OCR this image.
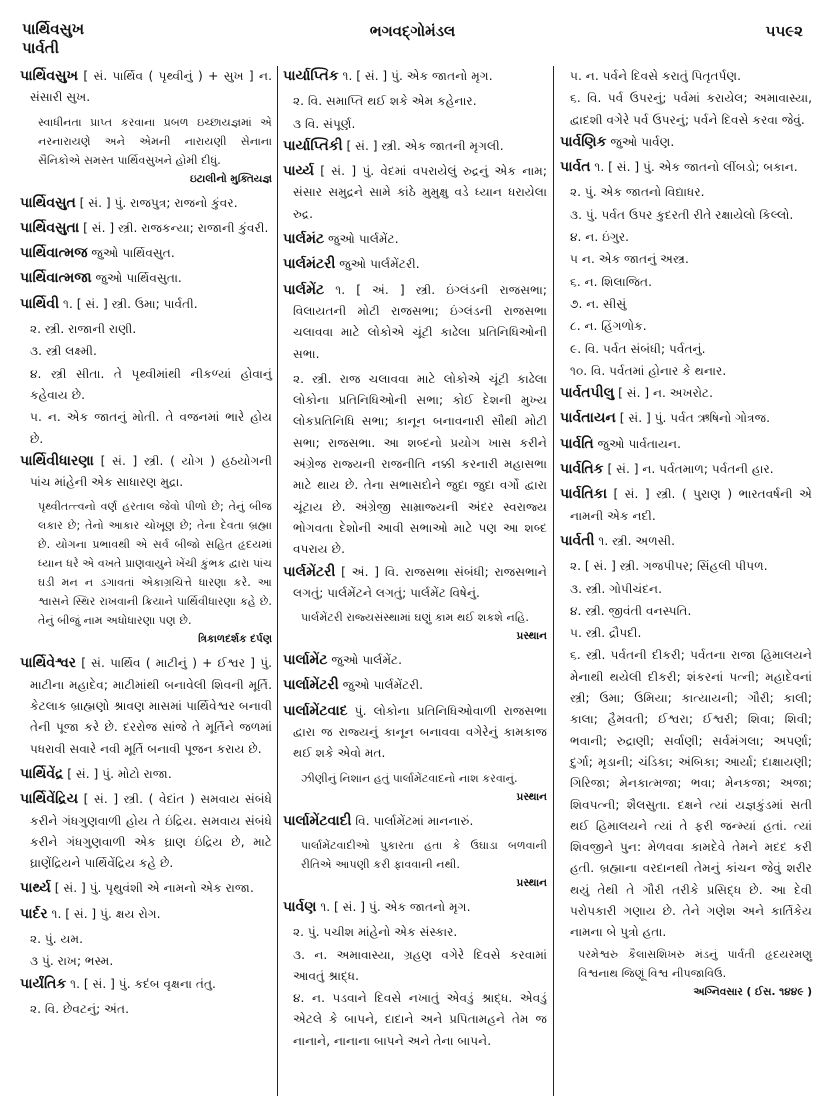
પાર્થિવસુખ
પાર્વતી
ભગવદ્ગોમંડલ	૫૫૯૨
પાર્થિવસુખ [ સં. પાર્થિવ ( પૃથ્વીનું ) + સુખ ] ન. સંસારી સુખ.
સ્વાધીનતા પ્રાપ્ત કરવાના પ્રબળ ઇચ્છાયજ્ઞમાં એ નરનારાયણે અને એમની નારાયણી સેનાના સૈનિકોએ સમસ્ત પાર્થિવસુખને હોમી દીધું.
ઇટાલીનો મુક્તિયજ્ઞ
પાર્થિવસુત [ સં. ] પું. રાજપુત્ર; રાજનો કુંવર.
પાર્થિવસુતા [ સં. ] સ્ત્રી. રાજકન્યા; રાજાની કુંવરી.
પાર્થિવાત્મજ જુઓ પાર્થિવસુત.
પાર્થિવાત્મજા જુઓ પાર્થિવસુતા.
પાર્થિવી ૧. [ સં. ] સ્ત્રી. ઉમા; પાર્વતી.
૨. સ્ત્રી. રાજાની રાણી.
૩. સ્ત્રી લક્ષ્મી.
૪. સ્ત્રી સીતા. તે પૃથ્વીમાંથી નીકળ્યાં હોવાનું કહેવાય છે.
૫. ન. એક જાતનું મોતી. તે વજનમાં ભારે હોય છે.
પાર્થિવીધારણા [ સં. ] સ્ત્રી. ( યોગ ) હઠયોગની પાંચ માંહેની એક સાધારણ મુદ્રા.
પૃથ્વીતત્ત્વનો વર્ણ હરતાલ જેવો પીળો છે; તેનું બીજ લકાર છે; તેનો આકાર ચોખૂણ છે; તેના દેવતા બ્રહ્મા છે. યોગના પ્રભાવથી એ સર્વ બીજો સહિત હૃદયમાં ધ્યાન ધરે એ વખતે પ્રાણવાયુને ખેંચી કુંભક દ્વારા પાંચ ઘડી મન ન ડગાવતાં એકાગ્રચિત્તે ધારણા કરે. આ શ્વાસને સ્થિર રાખવાની ક્રિયાને પાર્થિવીધારણા કહે છે. તેનું બીજું નામ અધોધારણા પણ છે.
ત્રિકાળદર્શક દર્પણ
પાર્થિવેશ્વર [ સં. પાર્થિવ ( માટીનું ) + ઈશ્વર ] પું. માટીના મહાદેવ; માટીમાંથી બનાવેલી શિવની મૂર્તિ. કેટલાક બ્રાહ્મણો શ્રાવણ માસમાં પાર્થિવેશ્વર બનાવી તેની પૂજા કરે છે. દરરોજ સાંજે તે મૂર્તિને જળમાં પધરાવી સવારે નવી મૂર્તિ બનાવી પૂજન કરાય છે.
પાર્થિવેંદ્ર [ સં. ] પું. મોટો રાજા.
પાર્થિવેંદ્રિય [ સં. ] સ્ત્રી. ( વેદાંત ) સમવાય સંબંધે કરીને ગંધગુણવાળી હોય તે ઇંદ્રિય. સમવાય સંબંધે કરીને ગંધગુણવાળી એક ઘ્રાણ ઇંદ્રિય છે, માટે ઘ્રાણેંદ્રિયને પાર્થિવેંદ્રિય કહે છે.
પાર્થ્ય [ સં. ] પું. પૃથુવંશી એ નામનો એક રાજા.
પાર્દર ૧. [ સં. ] પું. ક્ષય રોગ.
૨. પું. યમ.
૩ પું. રાખ; ભસ્મ.
પાર્યંતિક ૧. [ સં. ] પું. કદંબ વૃક્ષના તંતુ.
૨. વિ. છેવટનું; અંત.
પાર્યાપ્તિક ૧. [ સં. ] પું. એક જાતનો મૃગ.
૨. વિ. સમાપ્તિ થઈ શકે એમ કહેનાર.
૩ વિ. સંપૂર્ણ.
પાર્યાપ્તિકી [ સં. ] સ્ત્રી. એક જાતની મૃગલી.
પાર્ય્ય [ સં. ] પું. વેદમાં વપરાયેલું રુદ્રનું એક નામ; સંસાર સમુદ્રને સામે કાંઠે મુમુક્ષુ વડે ધ્યાન ધરાયેલા રુદ્ર.
પાર્લમંટ જુઓ પાર્લમેંટ.
પાર્લમંટરી જુઓ પાર્લમેંટરી.
પાર્લમેંટ ૧. [ અં. ] સ્ત્રી. ઇંગ્લંડની રાજસભા; વિલાયતની મોટી રાજસભા; ઇંગ્લંડની રાજસભા ચલાવવા માટે લોકોએ ચૂંટી કાઢેલા પ્રતિનિધિઓની સભા.
૨. સ્ત્રી. રાજ ચલાવવા માટે લોકોએ ચૂંટી કાઢેલા લોકોના પ્રતિનિધિઓની સભા; કોઈ દેશની મુખ્ય લોકપ્રતિનિધિ સભા; કાનૂન બનાવનારી સૌથી મોટી સભા; રાજસભા. આ શબ્દનો પ્રયોગ ખાસ કરીને અંગ્રેજ રાજ્યની રાજનીતિ નક્કી કરનારી મહાસભા માટે થાય છે. તેના સભાસદોને જુદા જુદા વર્ગો દ્વારા ચૂંટાય છે. અંગ્રેજી સામ્રાજ્યની અંદર સ્વરાજ્ય ભોગવતા દેશોની આવી સભાઓ માટે પણ આ શબ્દ વપરાય છે.
પાર્લમેંટરી [ અં. ] વિ. રાજસભા સંબંધી; રાજસભાને લગતું; પાર્લમેંટને લગતું; પાર્લમેંટ વિષેનું.
પાર્લમેંટરી રાજ્યસંસ્થામાં ઘણું કામ થઈ શકશે નહિ.
પ્રસ્થાન
પાર્લામેંટ જુઓ પાર્લમેંટ.
પાર્લામેંટરી જુઓ પાર્લમેંટરી.
પાર્લામેંટવાદ પું. લોકોના પ્રતિનિધિઓવાળી રાજસભા દ્વારા જ રાજ્યનું કાનૂન બનાવવા વગેરેનું કામકાજ થઈ શકે એવો મત.
ઝીણીનું નિશાન હતું પાર્લામેંટવાદનો નાશ કરવાનું.
પ્રસ્થાન
પાર્લામેંટવાદી વિ. પાર્લામેંટમાં માનનારું.
પાર્લામેંટવાદીઓ પુકારતા હતા કે ઉઘાડા બળવાની રીતિએ આપણી કરી ફાવવાની નથી.
પ્રસ્થાન
પાર્વણ ૧. [ સં. ] પું. એક જાતનો મૃગ.
૨. પું. પચીશ માંહેનો એક સંસ્કાર.
૩. ન. અમાવાસ્યા, ગ્રહણ વગેરે દિવસે કરવામાં આવતું શ્રાદ્ધ.
૪. ન. પડવાને દિવસે નખાતું એવડું શ્રાદ્ધ. એવડું એટલે કે બાપને, દાદાને અને પ્રપિતામહને તેમ જ નાનાને, નાનાના બાપને અને તેના બાપને.
૫. ન. પર્વને દિવસે કરાતું પિતૃતર્પણ.
૬. વિ. પર્વ ઉપરનું; પર્વમાં કરાયેલ; અમાવાસ્યા, દ્વાદશી વગેરે પર્વ ઉપરનું; પર્વને દિવસે કરવા જેવું.
પાર્વણિક જુઓ પાર્વણ.
પાર્વત ૧. [ સં. ] પું. એક જાતનો લીંબડો; બકાન.
૨. પું. એક જાતનો વિદ્યાધર.
૩. પું. પર્વત ઉપર કુદરતી રીતે રક્ષાયેલો કિલ્લો.
૪. ન. ઇંગુર.
૫ ન. એક જાતનું અસ્ત્ર.
૬. ન. શિલાજિત.
૭. ન. સીસું
૮. ન. હિંગળોક.
૯. વિ. પર્વત સંબંધી; પર્વતનું.
૧૦. વિ. પર્વતમાં હોનાર કે થનાર.
પાર્વતપીલુ [ સં. ] ન. અખરોટ.
પાર્વતાયન [ સં. ] પું. પર્વત ઋષિનો ગોત્રજ.
પાર્વતિ જુઓ પાર્વતાયન.
પાર્વતિક [ સં. ] ન. પર્વતમાળ; પર્વતની હાર.
પાર્વતિકા [ સં. ] સ્ત્રી. ( પુરાણ ) ભારતવર્ષની એ નામની એક નદી.
પાર્વતી ૧. સ્ત્રી. અળસી.
૨. [ સં. ] સ્ત્રી. ગજપીપર; સિંહલી પીપળ.
૩. સ્ત્રી. ગોપીચંદન.
૪. સ્ત્રી. જીવંતી વનસ્પતિ.
૫. સ્ત્રી. દ્રૌપદી.
૬. સ્ત્રી. પર્વતની દીકરી; પર્વતના રાજા હિમાલયને મેનાથી થયેલી દીકરી; શંકરનાં પત્ની; મહાદેવનાં સ્ત્રી; ઉમા; ઉમિયા; કાત્યાયની; ગૌરી; કાલી; કાલા; હૈમવતી; ઈશ્વરા; ઈશ્વરી; શિવા; શિવી; ભવાની; રુદ્રાણી; સર્વાણી; સર્વમંગલા; અપર્ણા; દુર્ગા; મૃડાની; ચંડિકા; અંબિકા; આર્યા; દાક્ષાયણી; ગિરિજા; મેનકાત્મજા; ભવા; મેનકજા; અજા; શિવપત્ની; શૈલસુતા. દક્ષને ત્યાં યજ્ઞકુંડમાં સતી થઈ હિમાલયને ત્યાં તે ફરી જન્મ્યાં હતાં. ત્યાં શિવજીને પુન: મેળવવા કામદેવે તેમને મદદ કરી હતી. બ્રહ્માના વરદાનથી તેમનું કાંચન જેવું શરીર થયું તેથી તે ગૌરી તરીકે પ્રસિદ્ધ છે. આ દેવી પરોપકારી ગણાય છે. તેને ગણેશ અને કાર્તિકેય નામના બે પુત્રો હતા.
પરમેશ્વરુ કૈલાસશિખરુ મંડનું પાર્વતી હૃદયરમણુ વિશ્વનાથ જિણૂં વિશ્વ નીપજાવિઉ.
અગ્નિવસાર ( ઈસ. ૧૪૪૯ )
